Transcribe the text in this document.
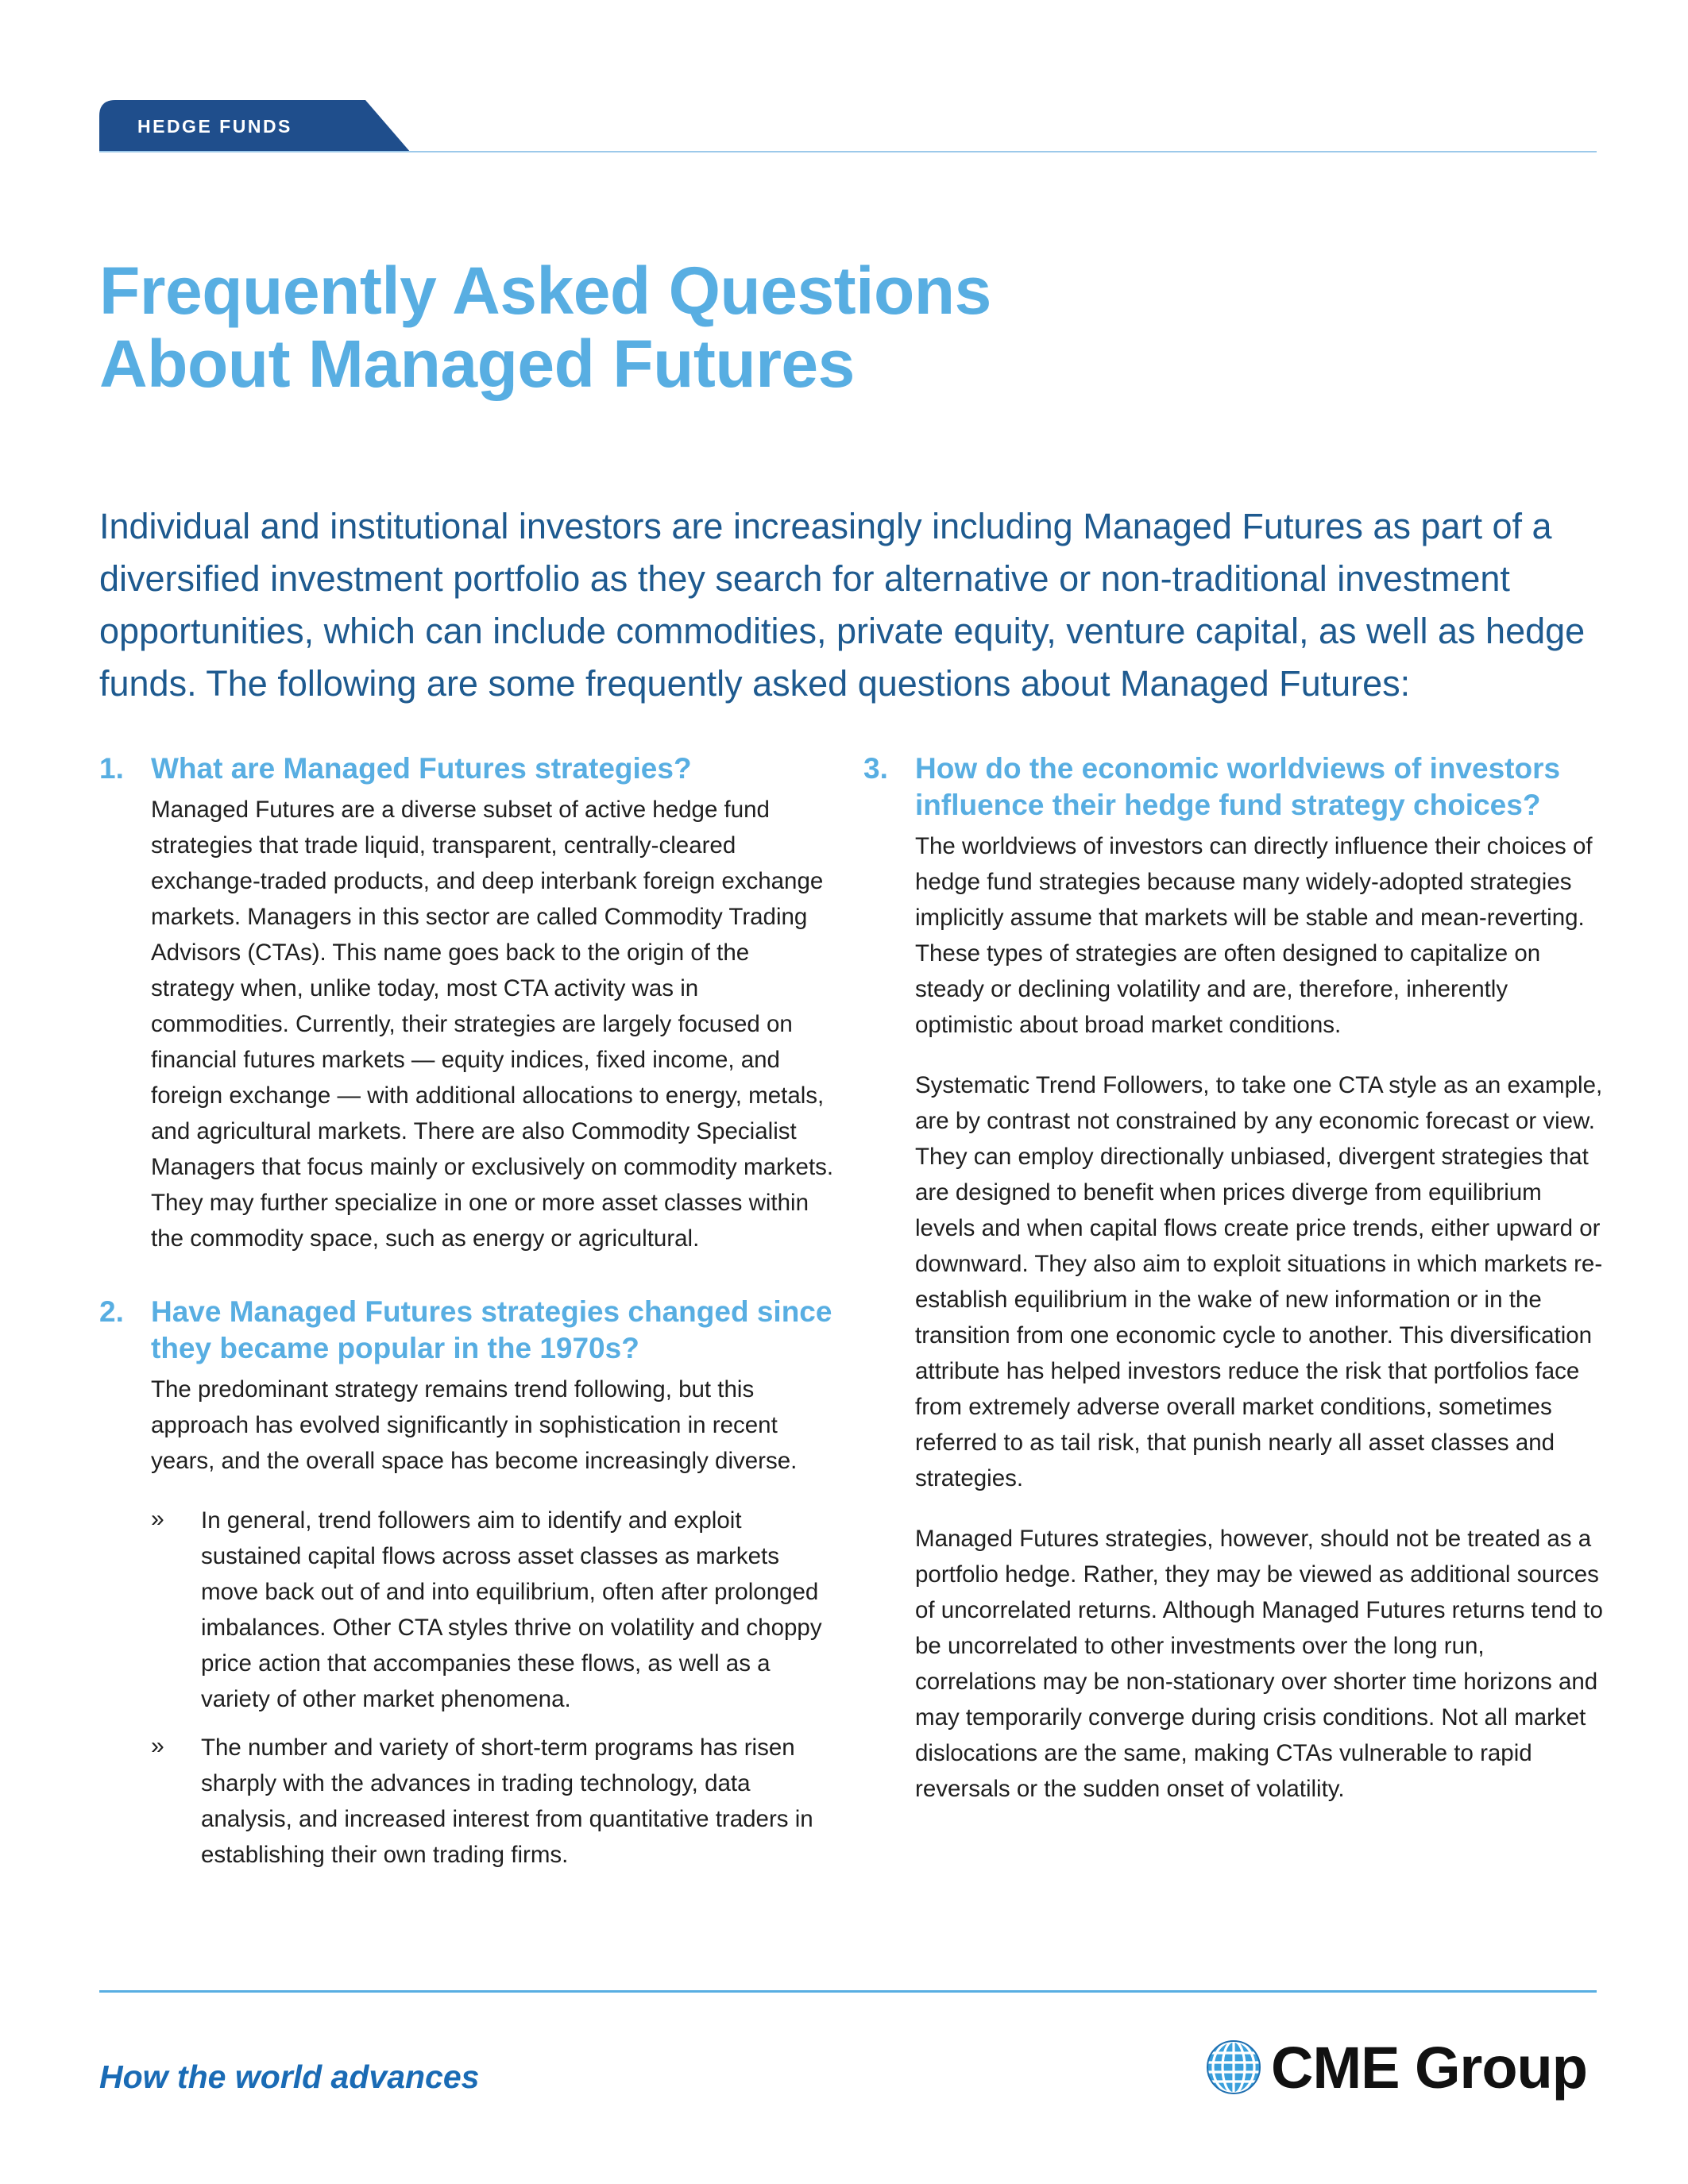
HEDGE FUNDS
Frequently Asked Questions
About Managed Futures

Individual and institutional investors are increasingly including Managed Futures as part of a diversified investment portfolio as they search for alternative or non-traditional investment opportunities, which can include commodities, private equity, venture capital, as well as hedge funds. The following are some frequently asked questions about Managed Futures:

1. What are Managed Futures strategies?

Managed Futures are a diverse subset of active hedge fund strategies that trade liquid, transparent, centrally-cleared exchange-traded products, and deep interbank foreign exchange markets. Managers in this sector are called Commodity Trading Advisors (CTAs). This name goes back to the origin of the strategy when, unlike today, most CTA activity was in commodities. Currently, their strategies are largely focused on financial futures markets — equity indices, fixed income, and foreign exchange — with additional allocations to energy, metals, and agricultural markets. There are also Commodity Specialist Managers that focus mainly or exclusively on commodity markets. They may further specialize in one or more asset classes within the commodity space, such as energy or agricultural.

2. Have Managed Futures strategies changed since they became popular in the 1970s?

The predominant strategy remains trend following, but this approach has evolved significantly in sophistication in recent years, and the overall space has become increasingly diverse.

» In general, trend followers aim to identify and exploit sustained capital flows across asset classes as markets move back out of and into equilibrium, often after prolonged imbalances. Other CTA styles thrive on volatility and choppy price action that accompanies these flows, as well as a variety of other market phenomena.
» The number and variety of short-term programs has risen sharply with the advances in trading technology, data analysis, and increased interest from quantitative traders in establishing their own trading firms.
3. How do the economic worldviews of investors influence their hedge fund strategy choices?

The worldviews of investors can directly influence their choices of hedge fund strategies because many widely-adopted strategies implicitly assume that markets will be stable and mean-reverting. These types of strategies are often designed to capitalize on steady or declining volatility and are, therefore, inherently optimistic about broad market conditions.

Systematic Trend Followers, to take one CTA style as an example, are by contrast not constrained by any economic forecast or view. They can employ directionally unbiased, divergent strategies that are designed to benefit when prices diverge from equilibrium levels and when capital flows create price trends, either upward or downward. They also aim to exploit situations in which markets re-establish equilibrium in the wake of new information or in the transition from one economic cycle to another. This diversification attribute has helped investors reduce the risk that portfolios face from extremely adverse overall market conditions, sometimes referred to as tail risk, that punish nearly all asset classes and strategies.

Managed Futures strategies, however, should not be treated as a portfolio hedge. Rather, they may be viewed as additional sources of uncorrelated returns. Although Managed Futures returns tend to be uncorrelated to other investments over the long run, correlations may be non-stationary over shorter time horizons and may temporarily converge during crisis conditions. Not all market dislocations are the same, making CTAs vulnerable to rapid reversals or the sudden onset of volatility.

How the world advances	CME Group
